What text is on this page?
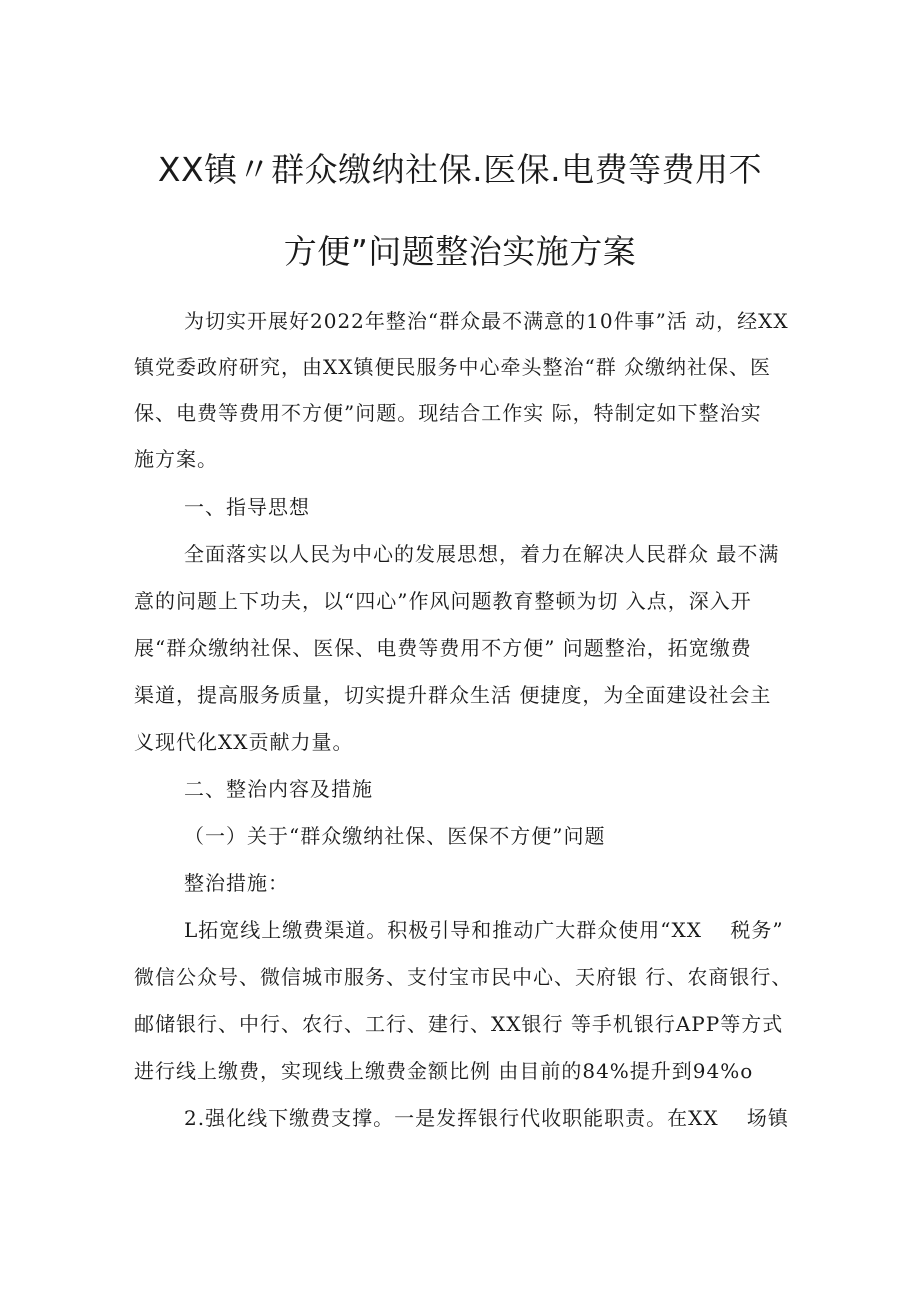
XX镇〃群众缴纳社保.医保.电费等费用不
方便”问题整治实施方案
为切实开展好2022年整治“群众最不满意的10件事”活 动，经XX
镇党委政府研究，由XX镇便民服务中心牵头整治“群 众缴纳社保、医
保、电费等费用不方便”问题。现结合工作实 际，特制定如下整治实
施方案。
一、指导思想
全面落实以人民为中心的发展思想，着力在解决人民群众 最不满
意的问题上下功夫，以“四心”作风问题教育整顿为切 入点，深入开
展“群众缴纳社保、医保、电费等费用不方便” 问题整治，拓宽缴费
渠道，提高服务质量，切实提升群众生活 便捷度，为全面建设社会主
义现代化XX贡献力量。
二、整治内容及措施
（一）关于“群众缴纳社保、医保不方便”问题
整治措施：
L拓宽线上缴费渠道。积极引导和推动广大群众使用“XX　 税务”
微信公众号、微信城市服务、支付宝市民中心、天府银 行、农商银行、
邮储银行、中行、农行、工行、建行、XX银行 等手机银行APP等方式
进行线上缴费，实现线上缴费金额比例 由目前的84%提升到94%o
2.强化线下缴费支撑。一是发挥银行代收职能职责。在XX　 场镇
